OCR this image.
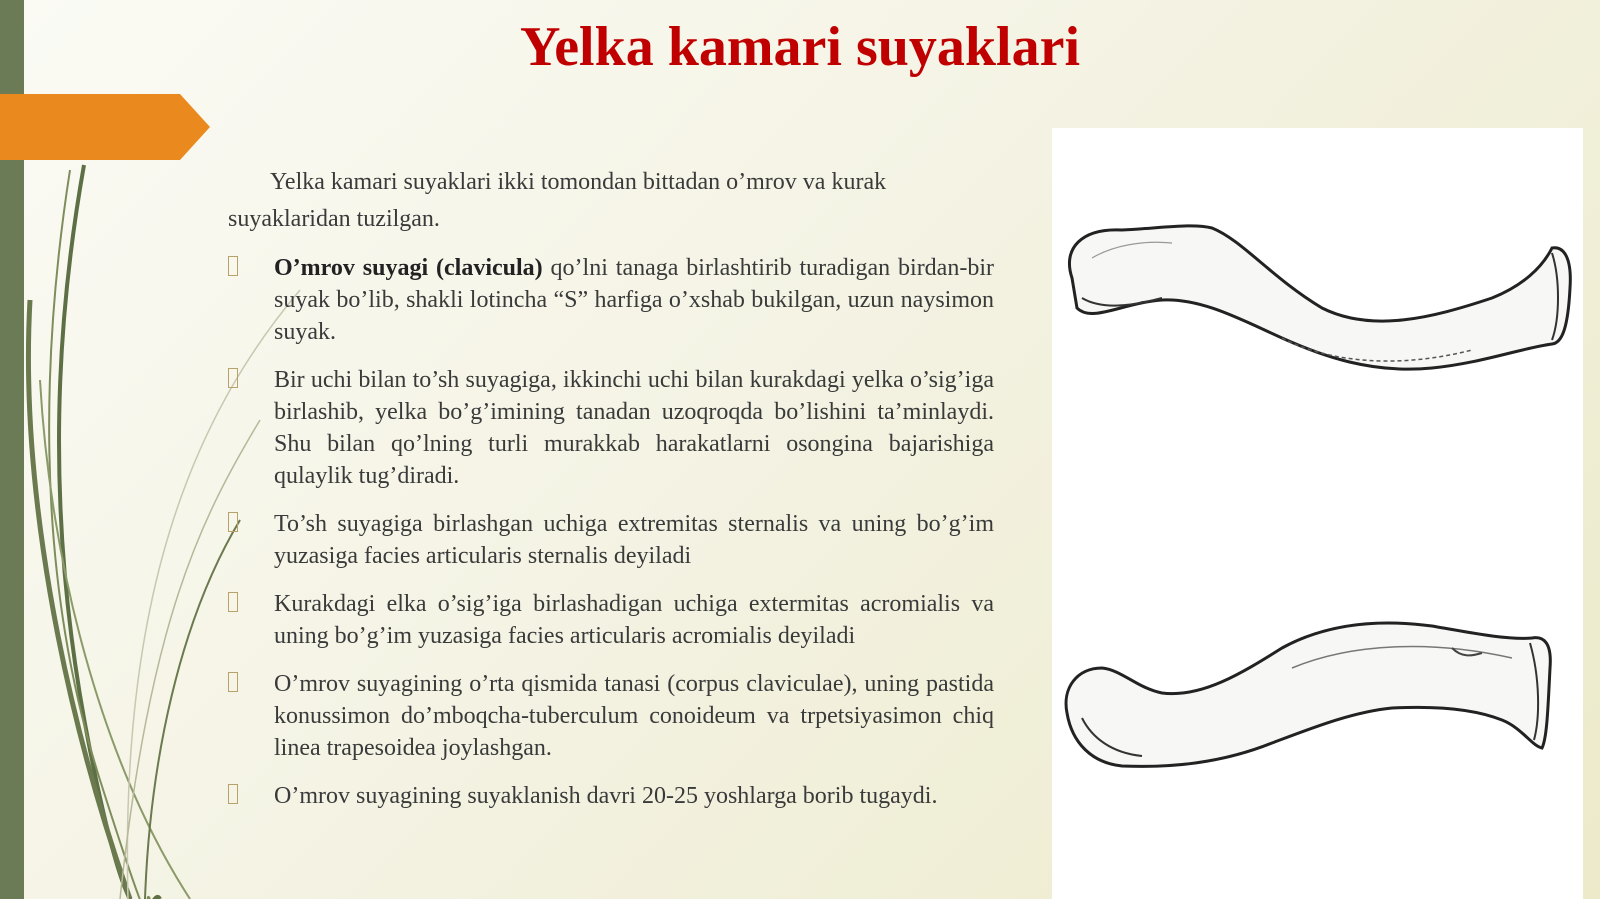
Yelka kamari suyaklari

Yelka kamari suyaklari ikki tomondan bittadan o’mrov va kurak suyaklaridan tuzilgan.

O’mrov suyagi (clavicula) qo’lni tanaga birlashtirib turadigan birdan-bir suyak bo’lib, shakli lotincha “S” harfiga o’xshab bukilgan, uzun naysimon suyak.
Bir uchi bilan to’sh suyagiga, ikkinchi uchi bilan kurakdagi yelka o’sig’iga birlashib, yelka bo’g’imining tanadan uzoqroqda bo’lishini ta’minlaydi. Shu bilan qo’lning turli murakkab harakatlarni osongina bajarishiga qulaylik tug’diradi.
To’sh suyagiga birlashgan uchiga extremitas sternalis va uning bo’g’im yuzasiga facies articularis sternalis deyiladi
Kurakdagi elka o’sig’iga birlashadigan uchiga extermitas acromialis va uning bo’g’im yuzasiga facies articularis acromialis deyiladi
O’mrov suyagining o’rta qismida tanasi (corpus claviculae), uning pastida konussimon do’mboqcha-tuberculum conoideum va trpetsiyasimon chiq linea trapesoidea joylashgan.
O’mrov suyagining suyaklanish davri 20-25 yoshlarga borib tugaydi.
